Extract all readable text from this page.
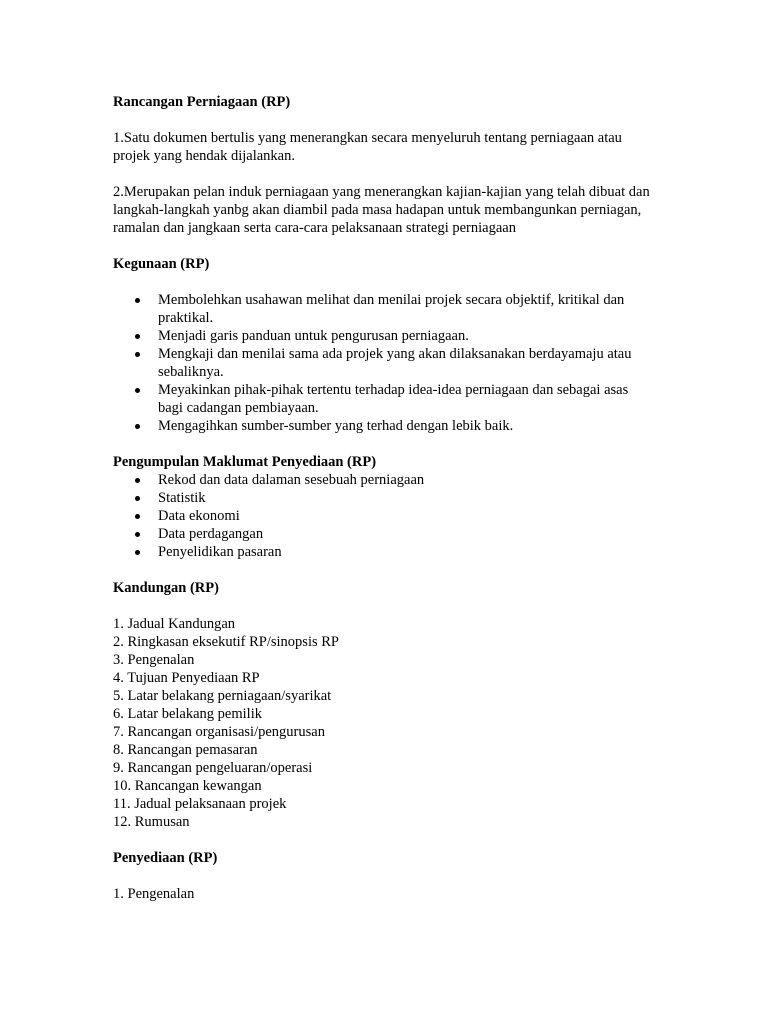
Rancangan Perniagaan (RP)

1.Satu dokumen bertulis yang menerangkan secara menyeluruh tentang perniagaan atau projek yang hendak dijalankan.

2.Merupakan pelan induk perniagaan yang menerangkan kajian-kajian yang telah dibuat dan langkah-langkah yanbg akan diambil pada masa hadapan untuk membangunkan perniagan, ramalan dan jangkaan serta cara-cara pelaksanaan strategi perniagaan

Kegunaan (RP)

Membolehkan usahawan melihat dan menilai projek secara objektif, kritikal dan praktikal.
Menjadi garis panduan untuk pengurusan perniagaan.
Mengkaji dan menilai sama ada projek yang akan dilaksanakan berdayamaju atau sebaliknya.
Meyakinkan pihak-pihak tertentu terhadap idea-idea perniagaan dan sebagai asas bagi cadangan pembiayaan.
Mengagihkan sumber-sumber yang terhad dengan lebik baik.

Pengumpulan Maklumat Penyediaan (RP)

Rekod dan data dalaman sesebuah perniagaan
Statistik
Data ekonomi
Data perdagangan
Penyelidikan pasaran

Kandungan (RP)

1. Jadual Kandungan
2. Ringkasan eksekutif RP/sinopsis RP
3. Pengenalan
4. Tujuan Penyediaan RP
5. Latar belakang perniagaan/syarikat
6. Latar belakang pemilik
7. Rancangan organisasi/pengurusan
8. Rancangan pemasaran
9. Rancangan pengeluaran/operasi
10. Rancangan kewangan
11. Jadual pelaksanaan projek
12. Rumusan

Penyediaan (RP)

1. Pengenalan
